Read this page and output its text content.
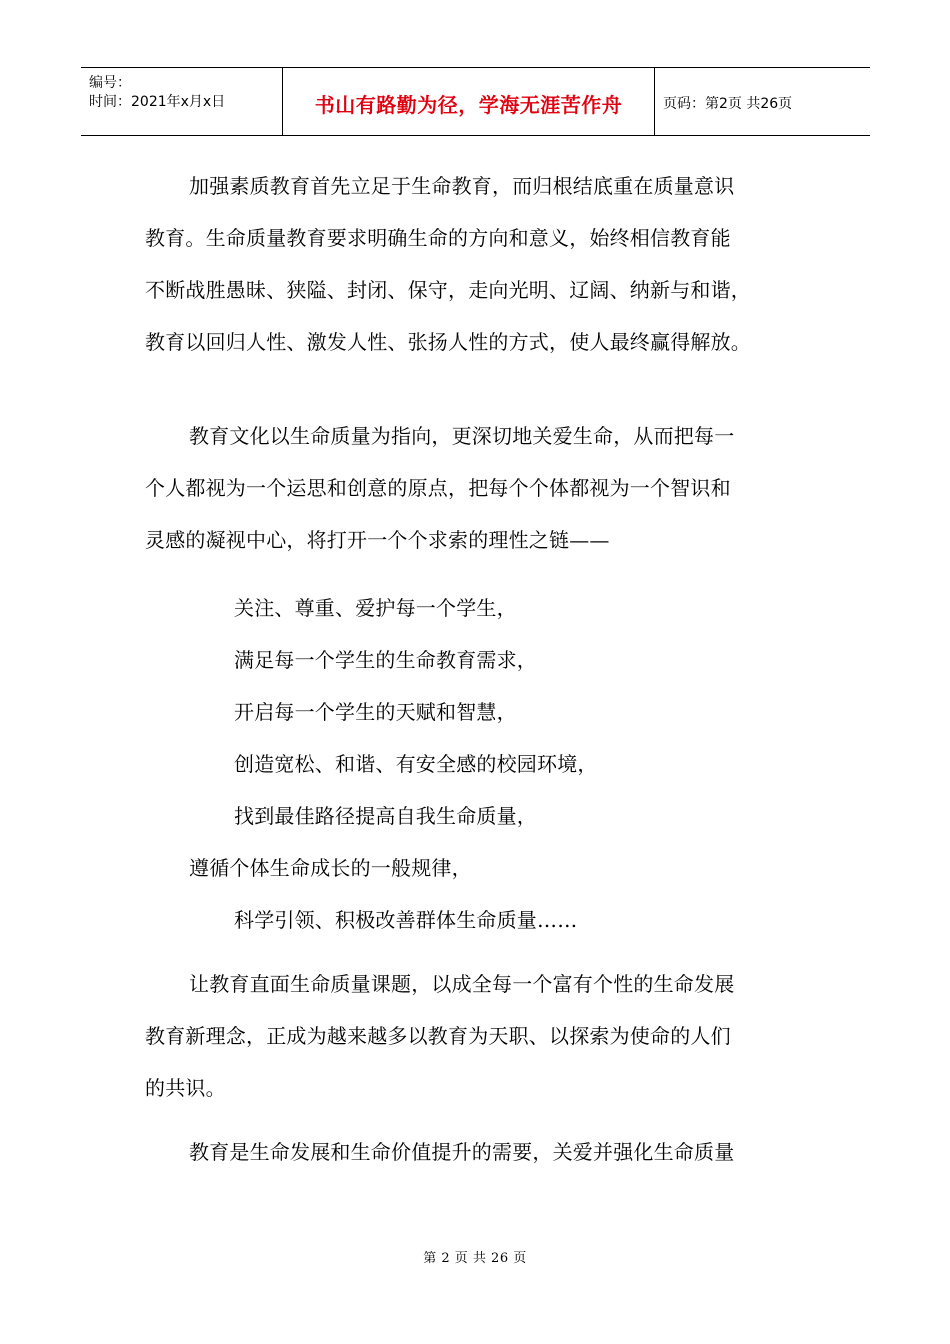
编号：
时间：2021年x月x日	书山有路勤为径，学海无涯苦作舟	页码：第2页 共26页
加强素质教育首先立足于生命教育，而归根结底重在质量意识
教育。生命质量教育要求明确生命的方向和意义，始终相信教育能
不断战胜愚昧、狭隘、封闭、保守，走向光明、辽阔、纳新与和谐，
教育以回归人性、激发人性、张扬人性的方式，使人最终赢得解放。
教育文化以生命质量为指向，更深切地关爱生命，从而把每一
个人都视为一个运思和创意的原点，把每个个体都视为一个智识和
灵感的凝视中心，将打开一个个求索的理性之链——
关注、尊重、爱护每一个学生，
满足每一个学生的生命教育需求，
开启每一个学生的天赋和智慧，
创造宽松、和谐、有安全感的校园环境，
找到最佳路径提高自我生命质量，
遵循个体生命成长的一般规律，
科学引领、积极改善群体生命质量……
让教育直面生命质量课题，以成全每一个富有个性的生命发展
教育新理念，正成为越来越多以教育为天职、以探索为使命的人们
的共识。
教育是生命发展和生命价值提升的需要，关爱并强化生命质量
第 2 页 共 26 页
